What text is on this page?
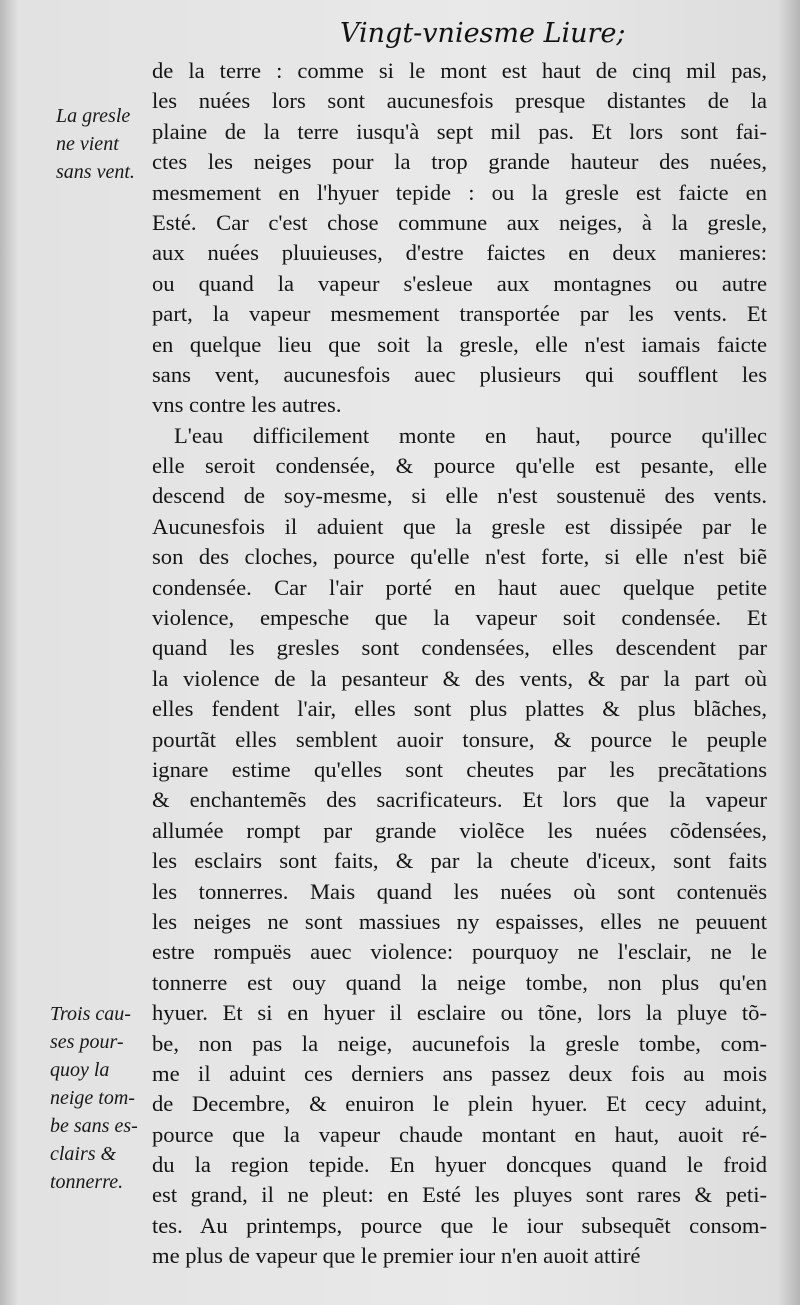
Vingt-vniesme Liure;
La gresle
ne vient
sans vent.
Trois cau-
ses pour-
quoy la
neige tom-
be sans es-
clairs &
tonnerre.
de la terre : comme si le mont est haut de cinq mil pas,
les nuées lors sont aucunesfois presque distantes de la
plaine de la terre iusqu'à sept mil pas. Et lors sont fai-
ctes les neiges pour la trop grande hauteur des nuées,
mesmement en l'hyuer tepide : ou la gresle est faicte en
Esté. Car c'est chose commune aux neiges, à la gresle,
aux nuées pluuieuses, d'estre faictes en deux manieres:
ou quand la vapeur s'esleue aux montagnes ou autre
part, la vapeur mesmement transportée par les vents. Et
en quelque lieu que soit la gresle, elle n'est iamais faicte
sans vent, aucunesfois auec plusieurs qui soufflent les
vns contre les autres.
L'eau difficilement monte en haut, pource qu'illec
elle seroit condensée, & pource qu'elle est pesante, elle
descend de soy-mesme, si elle n'est soustenuë des vents.
Aucunesfois il aduient que la gresle est dissipée par le
son des cloches, pource qu'elle n'est forte, si elle n'est biẽ
condensée. Car l'air porté en haut auec quelque petite
violence, empesche que la vapeur soit condensée. Et
quand les gresles sont condensées, elles descendent par
la violence de la pesanteur & des vents, & par la part où
elles fendent l'air, elles sont plus plattes & plus blãches,
pourtãt elles semblent auoir tonsure, & pource le peuple
ignare estime qu'elles sont cheutes par les precãtations
& enchantemẽs des sacrificateurs. Et lors que la vapeur
allumée rompt par grande violẽce les nuées cõdensées,
les esclairs sont faits, & par la cheute d'iceux, sont faits
les tonnerres. Mais quand les nuées où sont contenuës
les neiges ne sont massiues ny espaisses, elles ne peuuent
estre rompuës auec violence: pourquoy ne l'esclair, ne le
tonnerre est ouy quand la neige tombe, non plus qu'en
hyuer. Et si en hyuer il esclaire ou tõne, lors la pluye tõ-
be, non pas la neige, aucunefois la gresle tombe, com-
me il aduint ces derniers ans passez deux fois au mois
de Decembre, & enuiron le plein hyuer. Et cecy aduint,
pource que la vapeur chaude montant en haut, auoit ré-
du la region tepide. En hyuer doncques quand le froid
est grand, il ne pleut: en Esté les pluyes sont rares & peti-
tes. Au printemps, pource que le iour subsequẽt consom-
me plus de vapeur que le premier iour n'en auoit attiré
